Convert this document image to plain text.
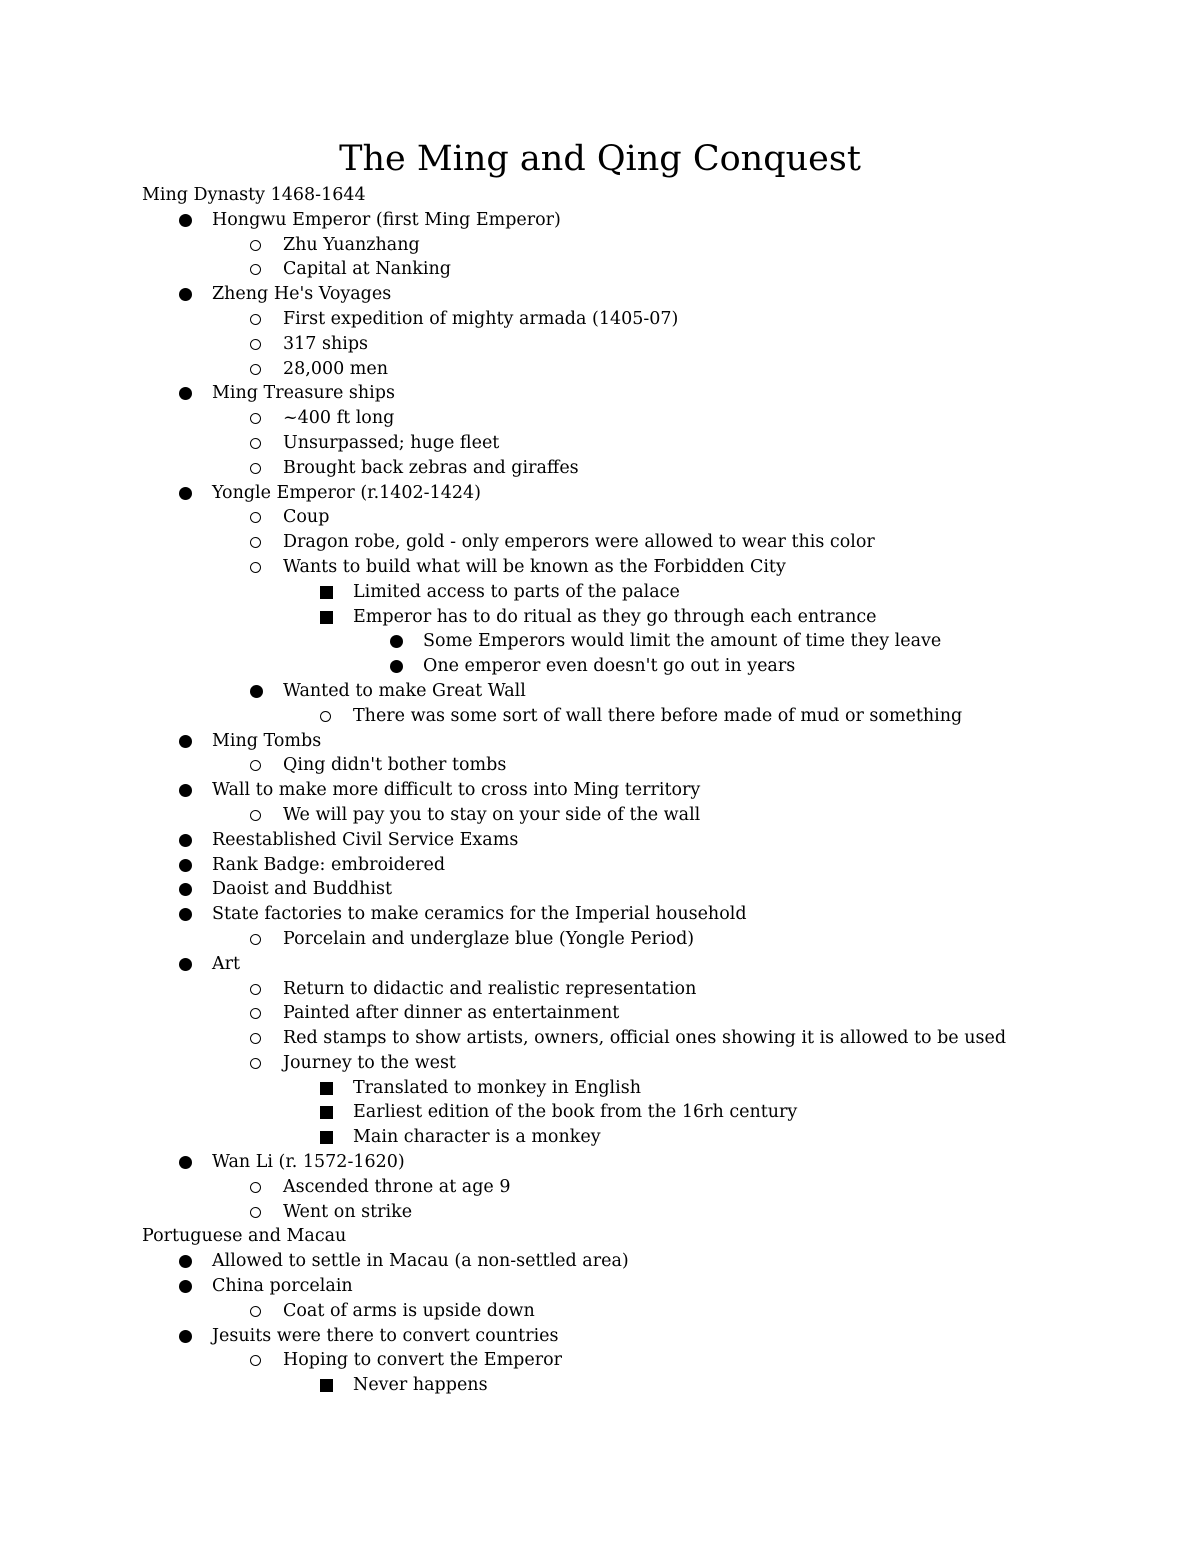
The Ming and Qing Conquest
Ming Dynasty 1468-1644
Hongwu Emperor (first Ming Emperor)
Zhu Yuanzhang
Capital at Nanking
Zheng He's Voyages
First expedition of mighty armada (1405-07)
317 ships
28,000 men
Ming Treasure ships
~400 ft long
Unsurpassed; huge fleet
Brought back zebras and giraffes
Yongle Emperor (r.1402-1424)
Coup
Dragon robe, gold - only emperors were allowed to wear this color
Wants to build what will be known as the Forbidden City
Limited access to parts of the palace
Emperor has to do ritual as they go through each entrance
Some Emperors would limit the amount of time they leave
One emperor even doesn't go out in years
Wanted to make Great Wall
There was some sort of wall there before made of mud or something
Ming Tombs
Qing didn't bother tombs
Wall to make more difficult to cross into Ming territory
We will pay you to stay on your side of the wall
Reestablished Civil Service Exams
Rank Badge: embroidered
Daoist and Buddhist
State factories to make ceramics for the Imperial household
Porcelain and underglaze blue (Yongle Period)
Art
Return to didactic and realistic representation
Painted after dinner as entertainment
Red stamps to show artists, owners, official ones showing it is allowed to be used
Journey to the west
Translated to monkey in English
Earliest edition of the book from the 16rh century
Main character is a monkey
Wan Li (r. 1572-1620)
Ascended throne at age 9
Went on strike
Portuguese and Macau
Allowed to settle in Macau (a non-settled area)
China porcelain
Coat of arms is upside down
Jesuits were there to convert countries
Hoping to convert the Emperor
Never happens
